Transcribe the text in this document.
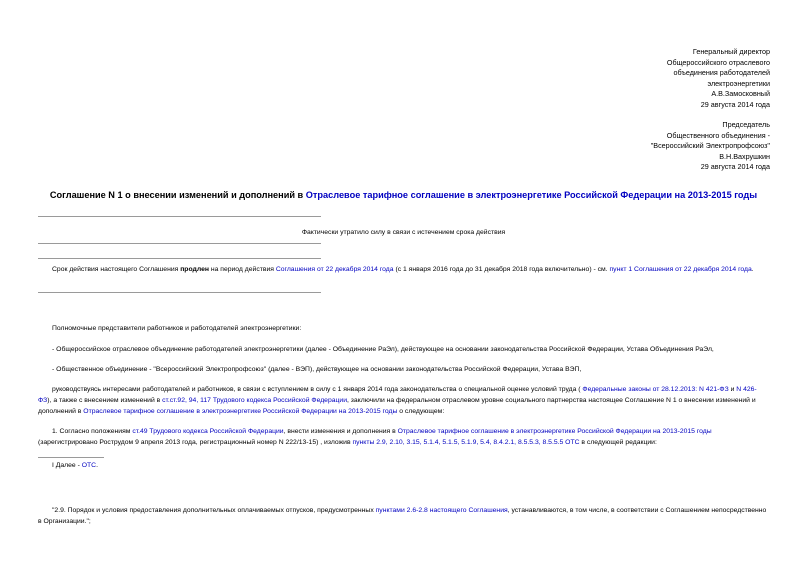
Генеральный директор
Общероссийского отраслевого
объединения работодателей
электроэнергетики
А.В.Замосковный
29 августа 2014 года
Председатель
Общественного объединения -
"Всероссийский Электропрофсоюз"
В.Н.Вахрушкин
29 августа 2014 года
Соглашение N 1 о внесении изменений и дополнений в Отраслевое тарифное соглашение в электроэнергетике Российской Федерации на 2013-2015 годы
Фактически утратило силу в связи с истечением срока действия
Срок действия настоящего Соглашения продлен на период действия Соглашения от 22 декабря 2014 года (с 1 января 2016 года до 31 декабря 2018 года включительно) - см. пункт 1 Соглашения от 22 декабря 2014 года.
Полномочные представители работников и работодателей электроэнергетики:
- Общероссийское отраслевое объединение работодателей электроэнергетики (далее - Объединение РаЭл), действующее на основании законодательства Российской Федерации, Устава Объединения РаЭл,
- Общественное объединение - "Всероссийский Электропрофсоюз" (далее - ВЭП), действующее на основании законодательства Российской Федерации, Устава ВЭП,
руководствуясь интересами работодателей и работников, в связи с вступлением в силу с 1 января 2014 года законодательства о специальной оценке условий труда ( Федеральные законы от 28.12.2013: N 421-ФЗ и N 426-ФЗ), а также с внесением изменений в ст.ст.92, 94, 117 Трудового кодекса Российской Федерации, заключили на федеральном отраслевом уровне социального партнерства настоящее Соглашение N 1 о внесении изменений и дополнений в Отраслевое тарифное соглашение в электроэнергетике Российской Федерации на 2013-2015 годы о следующем:
1. Согласно положениям ст.49 Трудового кодекса Российской Федерации, внести изменения и дополнения в Отраслевое тарифное соглашение в электроэнергетике Российской Федерации на 2013-2015 годы (зарегистрировано Рострудом 9 апреля 2013 года, регистрационный номер N 222/13-15) , изложив пункты 2.9, 2.10, 3.15, 5.1.4, 5.1.5, 5.1.9, 5.4, 8.4.2.1, 8.5.5.3, 8.5.5.5 ОТС в следующей редакции:
I Далее - ОТС.
"2.9. Порядок и условия предоставления дополнительных оплачиваемых отпусков, предусмотренных пунктами 2.6-2.8 настоящего Соглашения, устанавливаются, в том числе, в соответствии с Соглашением непосредственно в Организации.";
